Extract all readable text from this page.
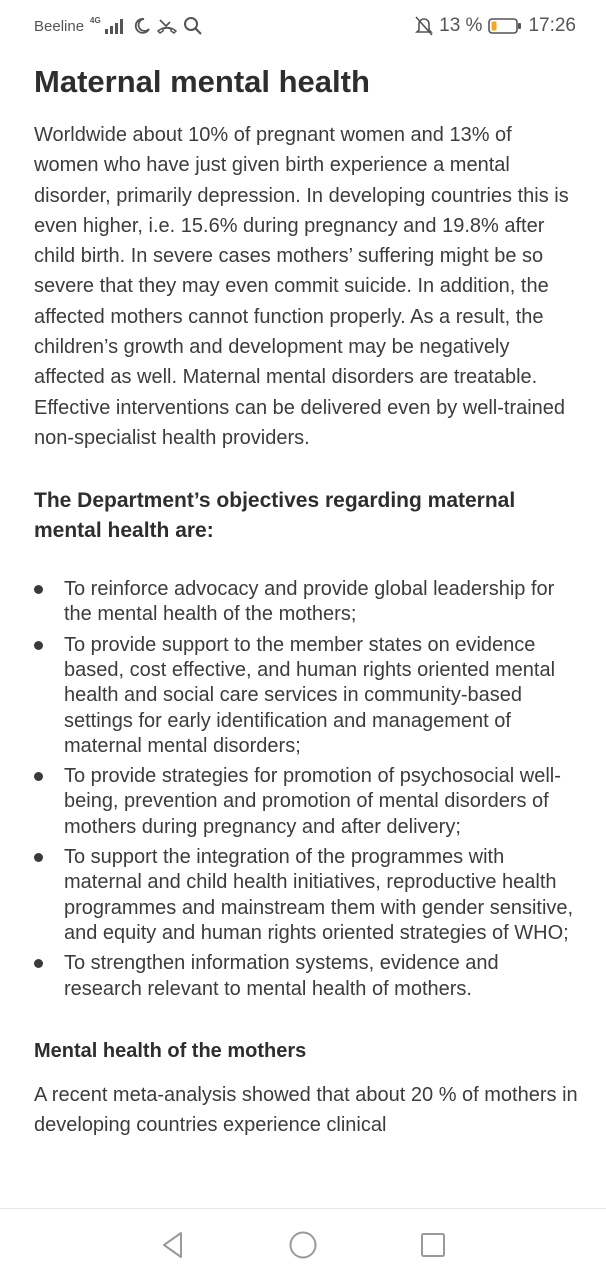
Beeline 4G	13 % 17:26
Maternal mental health

Worldwide about 10% of pregnant women and 13% of women who have just given birth experience a mental disorder, primarily depression. In developing countries this is even higher, i.e. 15.6% during pregnancy and 19.8% after child birth. In severe cases mothers’ suffering might be so severe that they may even commit suicide. In addition, the affected mothers cannot function properly. As a result, the children’s growth and development may be negatively affected as well. Maternal mental disorders are treatable. Effective interventions can be delivered even by well-trained non-specialist health providers.

The Department’s objectives regarding maternal mental health are:
To reinforce advocacy and provide global leadership for the mental health of the mothers;
To provide support to the member states on evidence based, cost effective, and human rights oriented mental health and social care services in community-based settings for early identification and management of maternal mental disorders;
To provide strategies for promotion of psychosocial well-being, prevention and promotion of mental disorders of mothers during pregnancy and after delivery;
To support the integration of the programmes with maternal and child health initiatives, reproductive health programmes and mainstream them with gender sensitive, and equity and human rights oriented strategies of WHO;
To strengthen information systems, evidence and research relevant to mental health of mothers.
Mental health of the mothers

A recent meta-analysis showed that about 20 % of mothers in developing countries experience clinical
